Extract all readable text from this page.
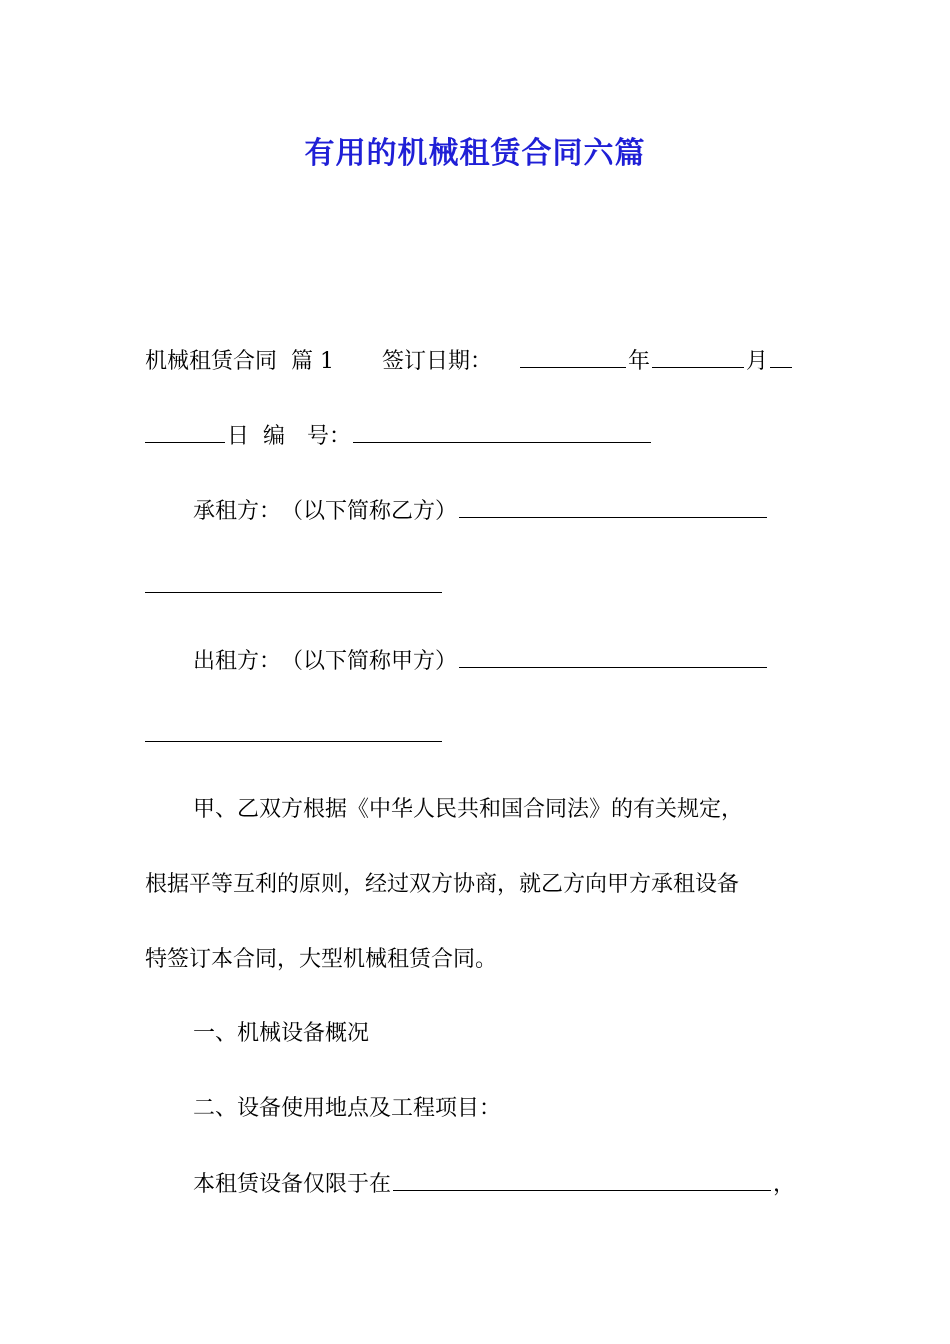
有用的机械租赁合同六篇
机械租赁合同 篇 1 签订日期：	年	月
日 编　号：
承租方：　（以下简称乙方）
出租方：　（以下简称甲方）
甲、乙双方根据《中华人民共和国合同法》的有关规定，
根据平等互利的原则，经过双方协商，就乙方向甲方承租设备
特签订本合同，大型机械租赁合同。
一、机械设备概况
二、设备使用地点及工程项目：
本租赁设备仅限于在	，
